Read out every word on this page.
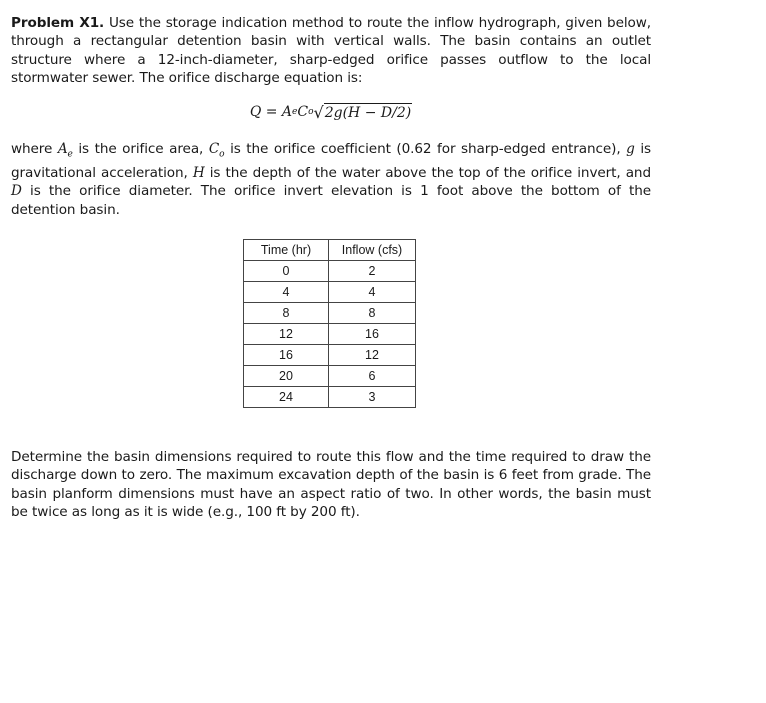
Problem X1. Use the storage indication method to route the inflow hydrograph, given below, through a rectangular detention basin with vertical walls. The basin contains an outlet structure where a 12-inch-diameter, sharp-edged orifice passes outflow to the local stormwater sewer. The orifice discharge equation is:

Q = A e C o √ 2g(H − D/2)

where $A_e$ is the orifice area, $C_o$ is the orifice coefficient (0.62 for sharp-edged entrance), g is gravitational acceleration, H is the depth of the water above the top of the orifice invert, and D is the orifice diameter. The orifice invert elevation is 1 foot above the bottom of the detention basin.

Time (hr)	Inflow (cfs)
0	2
4	4
8	8
12	16
16	12
20	6
24	3

Determine the basin dimensions required to route this flow and the time required to draw the discharge down to zero. The maximum excavation depth of the basin is 6 feet from grade. The basin planform dimensions must have an aspect ratio of two. In other words, the basin must be twice as long as it is wide (e.g., 100 ft by 200 ft).
